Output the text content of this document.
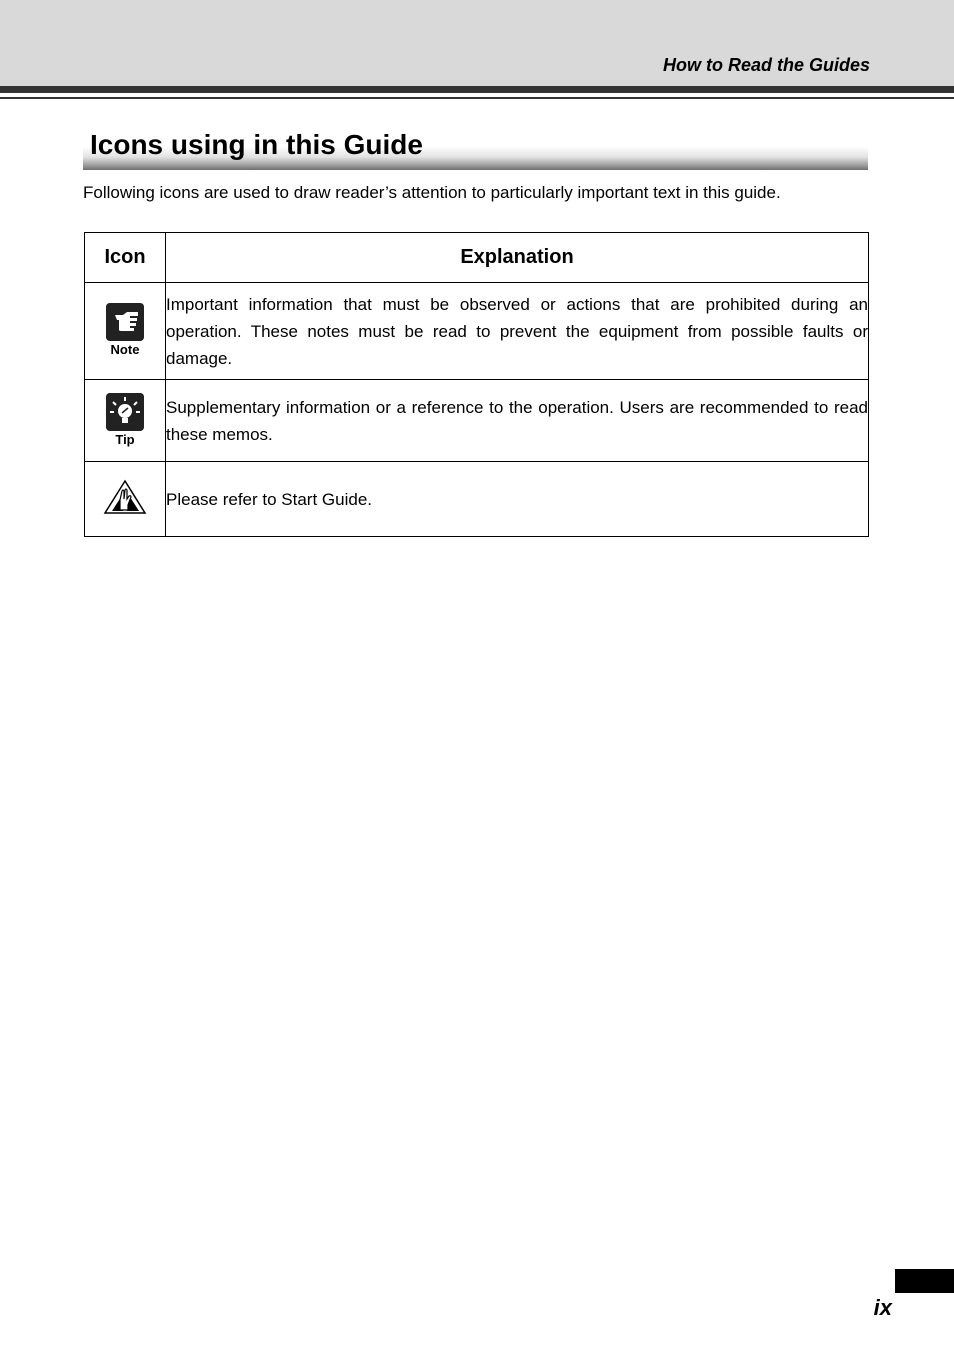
How to Read the Guides
Icons using in this Guide
Following icons are used to draw reader’s attention to particularly important text in this guide.
Icon	Explanation

Note	Important information that must be observed or actions that are prohibited during an operation. These notes must be read to prevent the equipment from possible faults or damage.

Tip	Supplementary information or a reference to the operation. Users are recommended to read these memos.
	Please refer to Start Guide.
ix
